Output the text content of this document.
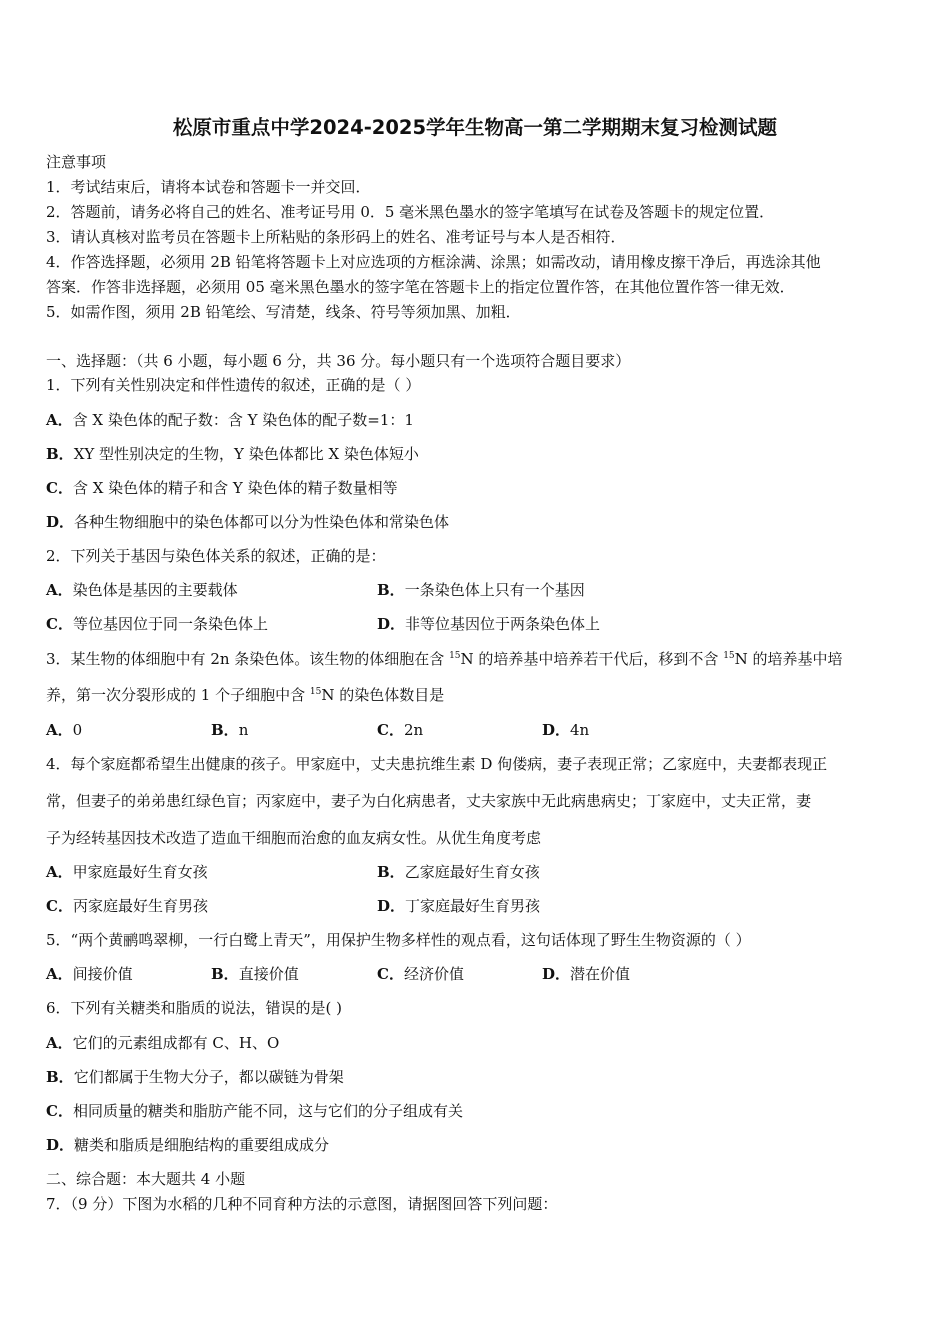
松原市重点中学2024-2025学年生物高一第二学期期末复习检测试题
注意事项
1．考试结束后，请将本试卷和答题卡一并交回．
2．答题前，请务必将自己的姓名、准考证号用 0．5 毫米黑色墨水的签字笔填写在试卷及答题卡的规定位置．
3．请认真核对监考员在答题卡上所粘贴的条形码上的姓名、准考证号与本人是否相符．
4．作答选择题，必须用 2B 铅笔将答题卡上对应选项的方框涂满、涂黑；如需改动，请用橡皮擦干净后，再选涂其他
答案．作答非选择题，必须用 05 毫米黑色墨水的签字笔在答题卡上的指定位置作答，在其他位置作答一律无效．
5．如需作图，须用 2B 铅笔绘、写清楚，线条、符号等须加黑、加粗．
一、选择题：（共 6 小题，每小题 6 分，共 36 分。每小题只有一个选项符合题目要求）
1．下列有关性别决定和伴性遗传的叙述，正确的是（ ）
A．含 X 染色体的配子数：含 Y 染色体的配子数=1：1
B．XY 型性别决定的生物，Y 染色体都比 X 染色体短小
C．含 X 染色体的精子和含 Y 染色体的精子数量相等
D．各种生物细胞中的染色体都可以分为性染色体和常染色体
2．下列关于基因与染色体关系的叙述，正确的是：
A．染色体是基因的主要载体	B．一条染色体上只有一个基因
C．等位基因位于同一条染色体上	D．非等位基因位于两条染色体上
3．某生物的体细胞中有 2n 条染色体。该生物的体细胞在含 $^{15}$N 的培养基中培养若干代后，移到不含 $^{15}$N 的培养基中培
养，第一次分裂形成的 1 个子细胞中含 $^{15}$N 的染色体数目是
A．0	B．n	C．2n	D．4n
4．每个家庭都希望生出健康的孩子。甲家庭中，丈夫患抗维生素 D 佝偻病，妻子表现正常；乙家庭中，夫妻都表现正
常，但妻子的弟弟患红绿色盲；丙家庭中，妻子为白化病患者，丈夫家族中无此病患病史；丁家庭中，丈夫正常，妻
子为经转基因技术改造了造血干细胞而治愈的血友病女性。从优生角度考虑
A．甲家庭最好生育女孩	B．乙家庭最好生育女孩
C．丙家庭最好生育男孩	D．丁家庭最好生育男孩
5．“两个黄鹂鸣翠柳，一行白鹭上青天”，用保护生物多样性的观点看，这句话体现了野生生物资源的（ ）
A．间接价值	B．直接价值	C．经济价值	D．潜在价值
6．下列有关糖类和脂质的说法，错误的是( )
A．它们的元素组成都有 C、H、O
B．它们都属于生物大分子，都以碳链为骨架
C．相同质量的糖类和脂肪产能不同，这与它们的分子组成有关
D．糖类和脂质是细胞结构的重要组成成分
二、综合题：本大题共 4 小题
7．（9 分）下图为水稻的几种不同育种方法的示意图，请据图回答下列问题：
